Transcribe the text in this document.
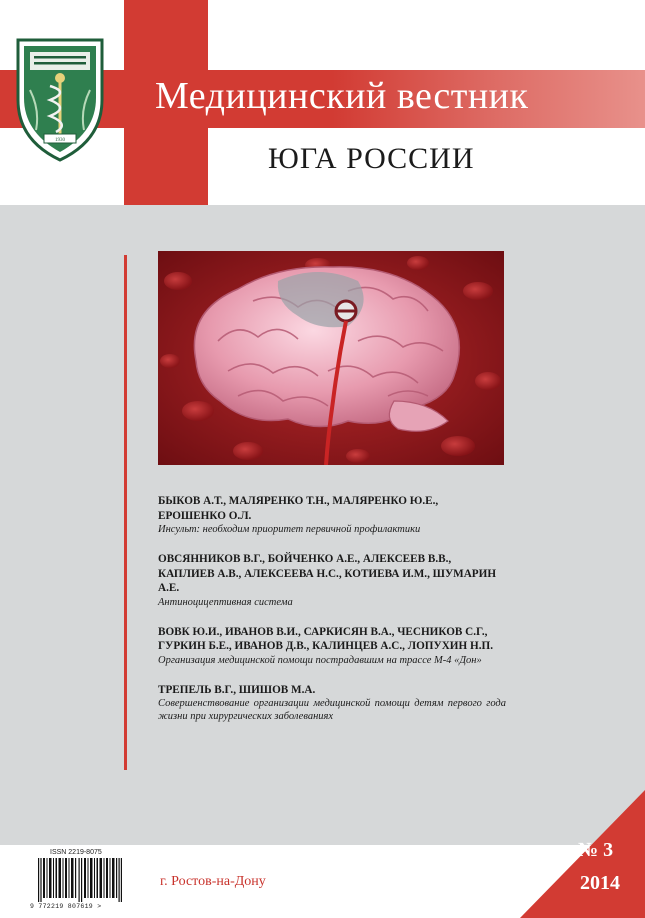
Медицинский вестник
ЮГА РОССИИ
1930
БЫКОВ А.Т., МАЛЯРЕНКО Т.Н., МАЛЯРЕНКО Ю.Е., ЕРОШЕНКО О.Л.
Инсульт: необходим приоритет первичной профилактики
ОВСЯННИКОВ В.Г., БОЙЧЕНКО А.Е., АЛЕКСЕЕВ В.В., КАПЛИЕВ А.В., АЛЕКСЕЕВА Н.С., КОТИЕВА И.М., ШУМАРИН А.Е.
Антиноцицептивная система
ВОВК Ю.И., ИВАНОВ В.И., САРКИСЯН В.А., ЧЕСНИКОВ С.Г., ГУРКИН Б.Е., ИВАНОВ Д.В., КАЛИНЦЕВ А.С., ЛОПУХИН Н.П.
Организация медицинской помощи пострадавшим на трассе М-4 «Дон»
ТРЕПЕЛЬ В.Г., ШИШОВ М.А.
Совершенствование организации медицинской помощи детям первого года жизни при хирургических заболеваниях
ISSN 2219-8075
9 772219 807619 >
г. Ростов-на-Дону
№ 3
2014
